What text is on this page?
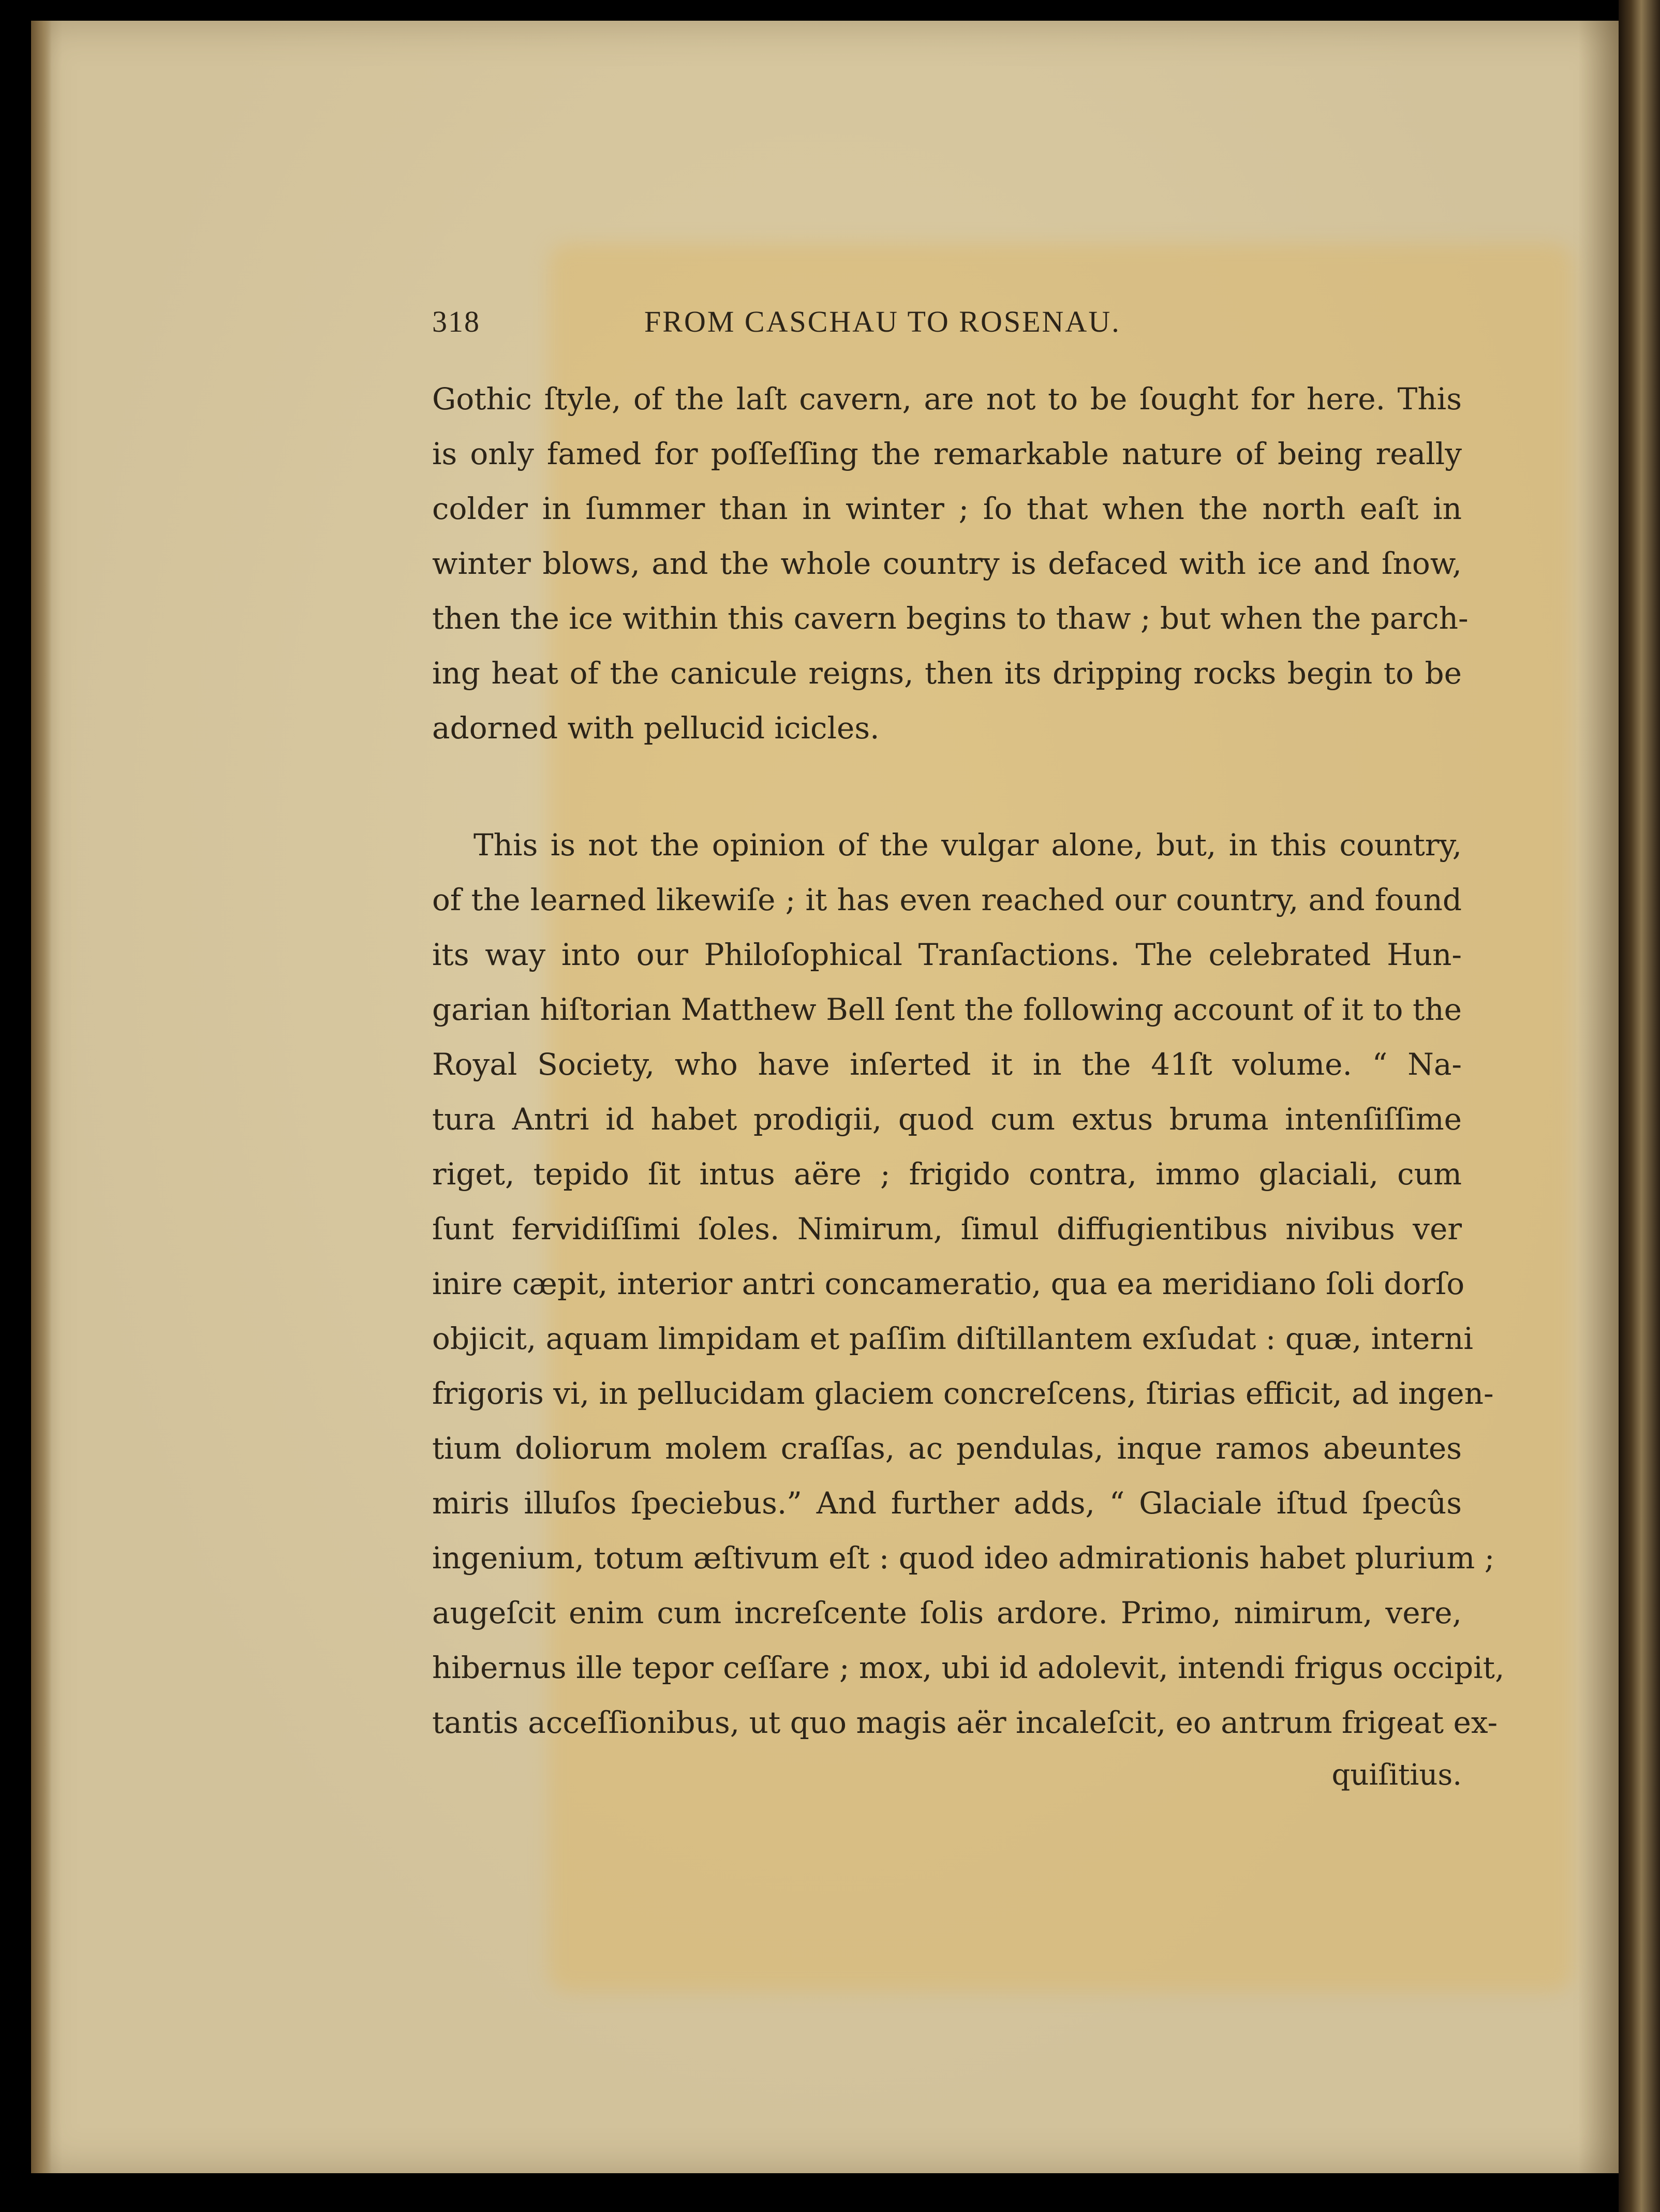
318	FROM CASCHAU TO ROSENAU.
Gothic ſtyle, of the laſt cavern, are not to be ſought for here. This
is only famed for poſſeſſing the remarkable nature of being really
colder in ſummer than in winter ; ſo that when the north eaſt in
winter blows, and the whole country is defaced with ice and ſnow,
then the ice within this cavern begins to thaw ; but when the parch-
ing heat of the canicule reigns, then its dripping rocks begin to be
adorned with pellucid icicles.
This is not the opinion of the vulgar alone, but, in this country,
of the learned likewiſe ; it has even reached our country, and found
its way into our Philoſophical Tranſactions. The celebrated Hun-
garian hiſtorian Matthew Bell ſent the following account of it to the
Royal Society, who have inſerted it in the 41ſt volume. “ Na-
tura Antri id habet prodigii, quod cum extus bruma intenſiſſime
riget, tepido ſit intus aëre ; frigido contra, immo glaciali, cum
ſunt fervidiſſimi ſoles. Nimirum, ſimul diffugientibus nivibus ver
inire cæpit, interior antri concameratio, qua ea meridiano ſoli dorſo
objicit, aquam limpidam et paſſim diſtillantem exſudat : quæ, interni
frigoris vi, in pellucidam glaciem concreſcens, ſtirias efficit, ad ingen-
tium doliorum molem craſſas, ac pendulas, inque ramos abeuntes
miris illuſos ſpeciebus.” And further adds, “ Glaciale iſtud ſpecûs
ingenium, totum æſtivum eſt : quod ideo admirationis habet plurium ;
augeſcit enim cum increſcente ſolis ardore. Primo, nimirum, vere,
hibernus ille tepor ceſſare ; mox, ubi id adolevit, intendi frigus occipit,
tantis acceſſionibus, ut quo magis aër incaleſcit, eo antrum frigeat ex-
quiſitius.
